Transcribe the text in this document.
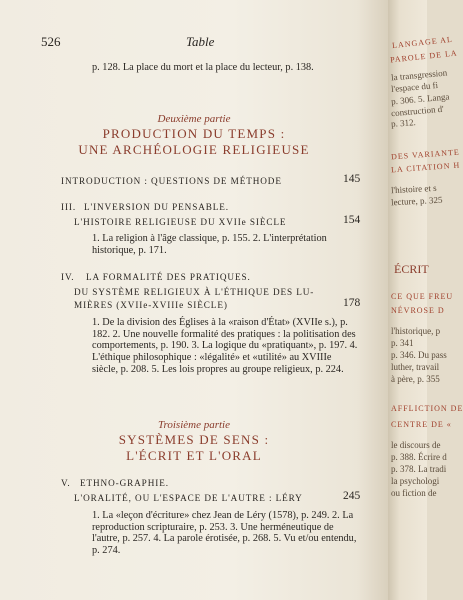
526	Table
p. 128. La place du mort et la place du lecteur, p. 138.
Deuxième partie
PRODUCTION DU TEMPS :
UNE ARCHÉOLOGIE RELIGIEUSE
INTRODUCTION : QUESTIONS DE MÉTHODE	145
III. L'INVERSION DU PENSABLE.
L'HISTOIRE RELIGIEUSE DU XVIIe SIÈCLE	154
1. La religion à l'âge classique, p. 155. 2. L'interprétation historique, p. 171.
IV. LA FORMALITÉ DES PRATIQUES.
DU SYSTÈME RELIGIEUX À L'ÉTHIQUE DES LU-
MIÈRES (XVIIe-XVIIIe SIÈCLE)	178
1. De la division des Églises à la «raison d'État» (XVIIe s.), p. 182. 2. Une nouvelle formalité des pratiques : la politisation des comportements, p. 190. 3. La logique du «pratiquant», p. 197. 4. L'éthique philosophique : «légalité» et «utilité» au XVIIIe siècle, p. 208. 5. Les lois propres au groupe religieux, p. 224.
Troisième partie
SYSTÈMES DE SENS :
L'ÉCRIT ET L'ORAL
V. ETHNO-GRAPHIE.
L'ORALITÉ, OU L'ESPACE DE L'AUTRE : LÉRY	245
1. La «leçon d'écriture» chez Jean de Léry (1578), p. 249. 2. La reproduction scripturaire, p. 253. 3. Une herméneutique de l'autre, p. 257. 4. La parole érotisée, p. 268. 5. Vu et/ou entendu, p. 274.
LANGAGE AL
PAROLE DE LA
la transgression
l'espace du fi
p. 306. 5. Langa
construction d'
p. 312.
DES VARIANTE
LA CITATION H
l'histoire et s
lecture, p. 325
ÉCRIT
CE QUE FREU
NÉVROSE D
l'historique, p
p. 341
p. 346. Du pass
luther, travail
à père, p. 355
AFFLICTION DE
CENTRE DE «
le discours de
p. 388. Écrire d
p. 378. La tradi
la psychologi
ou fiction de
